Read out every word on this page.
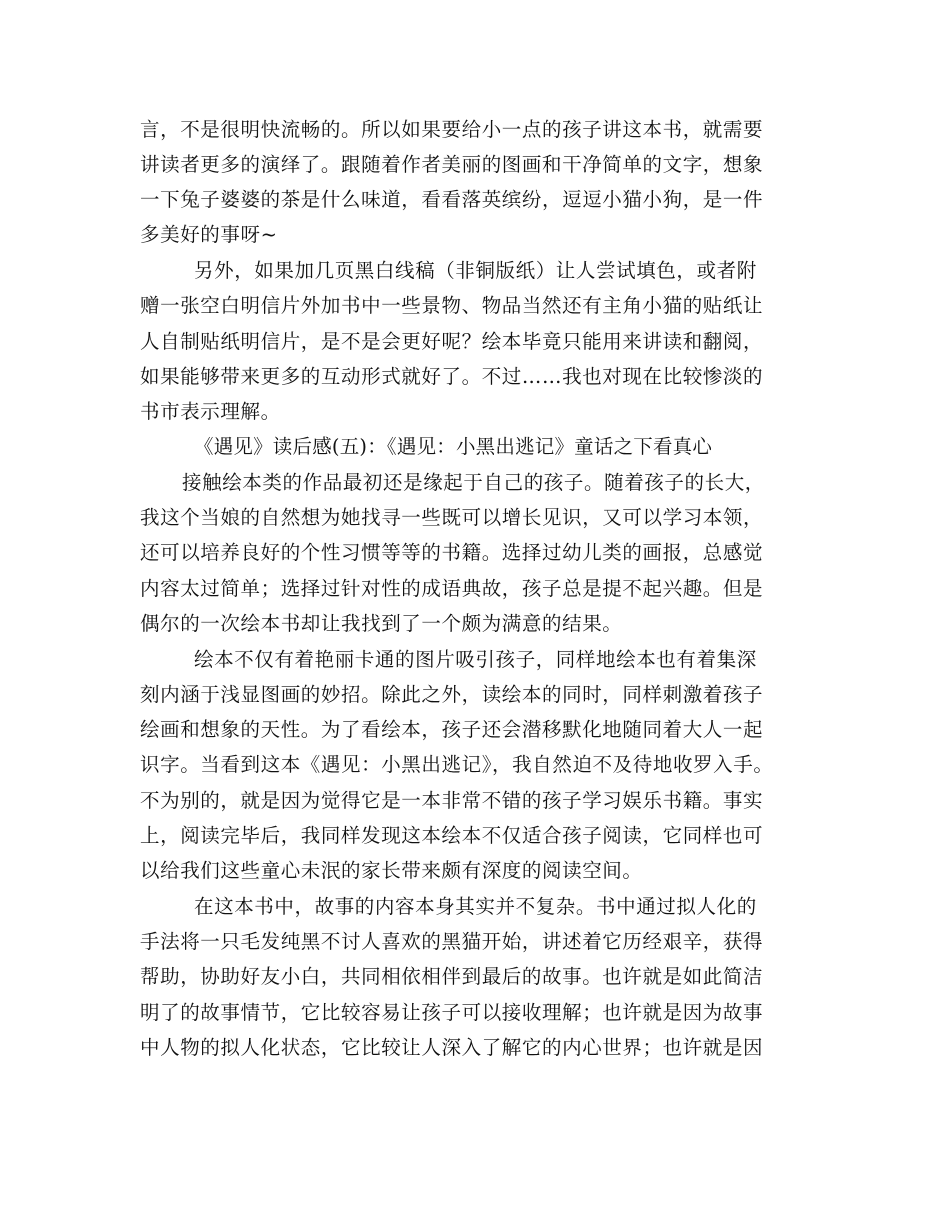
言，不是很明快流畅的。所以如果要给小一点的孩子讲这本书，就需要
讲读者更多的演绎了。跟随着作者美丽的图画和干净简单的文字，想象
一下兔子婆婆的茶是什么味道，看看落英缤纷，逗逗小猫小狗，是一件
多美好的事呀~
另外，如果加几页黑白线稿（非铜版纸）让人尝试填色，或者附
赠一张空白明信片外加书中一些景物、物品当然还有主角小猫的贴纸让
人自制贴纸明信片，是不是会更好呢？绘本毕竟只能用来讲读和翻阅，
如果能够带来更多的互动形式就好了。不过……我也对现在比较惨淡的
书市表示理解。
《遇见》读后感(五)：《遇见：小黑出逃记》童话之下看真心
接触绘本类的作品最初还是缘起于自己的孩子。随着孩子的长大，
我这个当娘的自然想为她找寻一些既可以增长见识，又可以学习本领，
还可以培养良好的个性习惯等等的书籍。选择过幼儿类的画报，总感觉
内容太过简单；选择过针对性的成语典故，孩子总是提不起兴趣。但是
偶尔的一次绘本书却让我找到了一个颇为满意的结果。
绘本不仅有着艳丽卡通的图片吸引孩子，同样地绘本也有着集深
刻内涵于浅显图画的妙招。除此之外，读绘本的同时，同样刺激着孩子
绘画和想象的天性。为了看绘本，孩子还会潜移默化地随同着大人一起
识字。当看到这本《遇见：小黑出逃记》，我自然迫不及待地收罗入手。
不为别的，就是因为觉得它是一本非常不错的孩子学习娱乐书籍。事实
上，阅读完毕后，我同样发现这本绘本不仅适合孩子阅读，它同样也可
以给我们这些童心未泯的家长带来颇有深度的阅读空间。
在这本书中，故事的内容本身其实并不复杂。书中通过拟人化的
手法将一只毛发纯黑不讨人喜欢的黑猫开始，讲述着它历经艰辛，获得
帮助，协助好友小白，共同相依相伴到最后的故事。也许就是如此简洁
明了的故事情节，它比较容易让孩子可以接收理解；也许就是因为故事
中人物的拟人化状态，它比较让人深入了解它的内心世界；也许就是因
